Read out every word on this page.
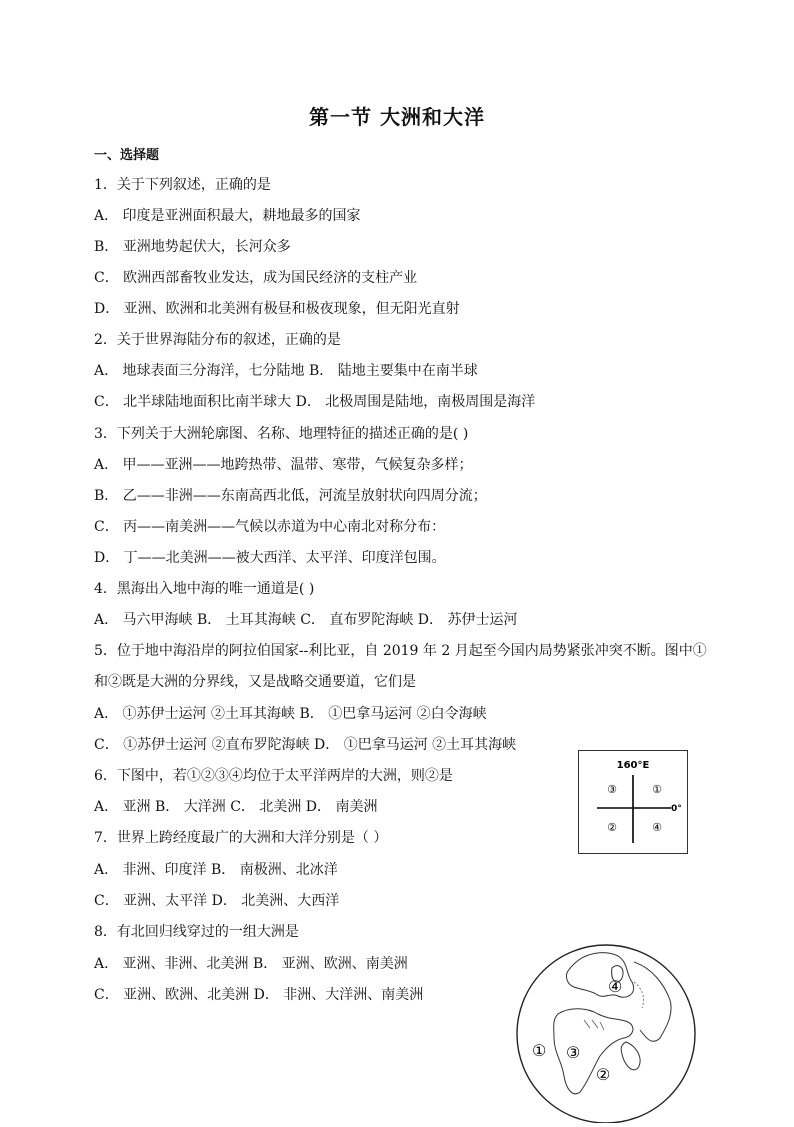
第一节 大洲和大洋
一、选择题
1．关于下列叙述，正确的是
A． 印度是亚洲面积最大，耕地最多的国家
B． 亚洲地势起伏大，长河众多
C． 欧洲西部畜牧业发达，成为国民经济的支柱产业
D． 亚洲、欧洲和北美洲有极昼和极夜现象，但无阳光直射
2．关于世界海陆分布的叙述，正确的是
A． 地球表面三分海洋，七分陆地 B． 陆地主要集中在南半球
C． 北半球陆地面积比南半球大 D． 北极周围是陆地，南极周围是海洋
3．下列关于大洲轮廓图、名称、地理特征的描述正确的是( )
A． 甲——亚洲——地跨热带、温带、寒带，气候复杂多样；
B． 乙——非洲——东南高西北低，河流呈放射状向四周分流；
C． 丙——南美洲——气候以赤道为中心南北对称分布：
D． 丁——北美洲——被大西洋、太平洋、印度洋包围。
4．黑海出入地中海的唯一通道是( )
A． 马六甲海峡 B． 土耳其海峡 C． 直布罗陀海峡 D． 苏伊士运河
5．位于地中海沿岸的阿拉伯国家--利比亚，自 2019 年 2 月起至今国内局势紧张冲突不断。图中①
和②既是大洲的分界线，又是战略交通要道，它们是
A． ①苏伊士运河 ②土耳其海峡 B． ①巴拿马运河 ②白令海峡
C． ①苏伊士运河 ②直布罗陀海峡 D． ①巴拿马运河 ②土耳其海峡
6．下图中，若①②③④均位于太平洋两岸的大洲，则②是
A． 亚洲 B． 大洋洲 C． 北美洲 D． 南美洲
7．世界上跨经度最广的大洲和大洋分别是（ ）
A． 非洲、印度洋 B． 南极洲、北冰洋
C． 亚洲、太平洋 D． 北美洲、大西洋
8．有北回归线穿过的一组大洲是
A． 亚洲、非洲、北美洲 B． 亚洲、欧洲、南美洲
C． 亚洲、欧洲、北美洲 D． 非洲、大洋洲、南美洲
160°E
0°
③	①
②	④
①
②
③
④
